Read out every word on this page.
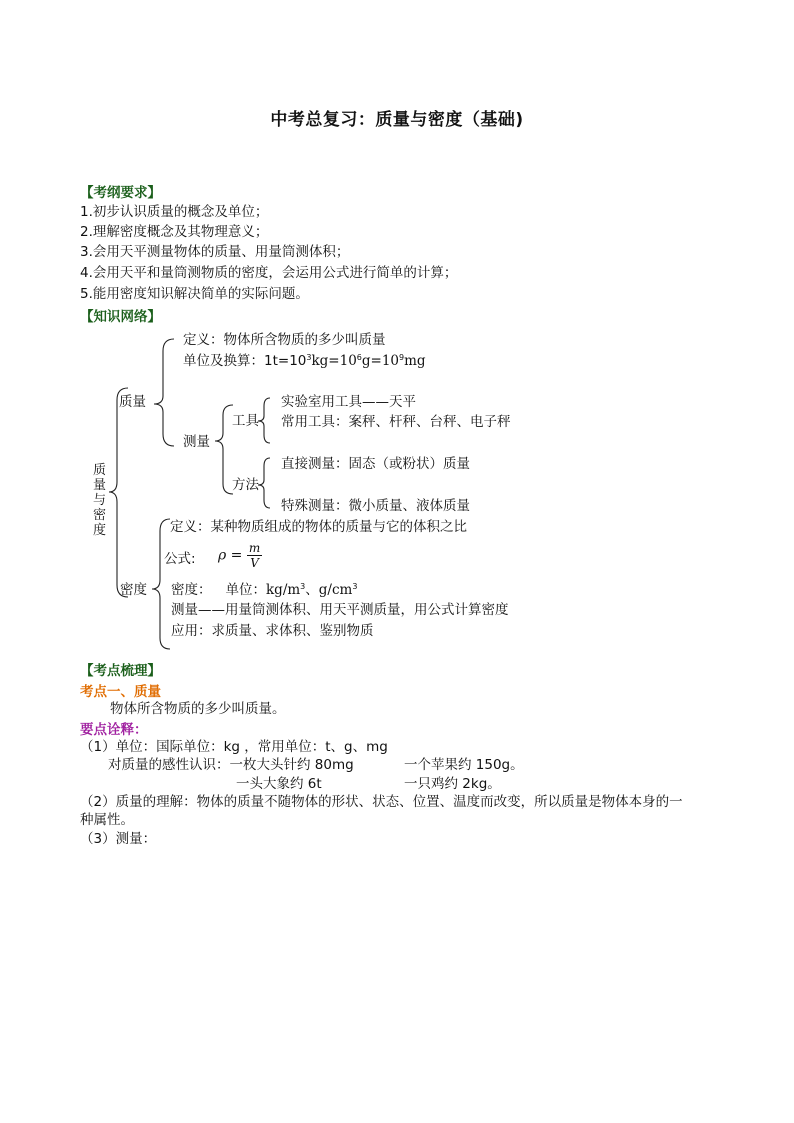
中考总复习：质量与密度（基础)
【考纲要求】
1.初步认识质量的概念及单位；
2.理解密度概念及其物理意义；
3.会用天平测量物体的质量、用量筒测体积；
4.会用天平和量筒测物质的密度，会运用公式进行简单的计算；
5.能用密度知识解决简单的实际问题。
【知识网络】
质量与密度
质量
定义：物体所含物质的多少叫质量
单位及换算：$1t=10^3kg=10^6g=10^9mg$
测量
工具
实验室用工具——天平
常用工具：案秤、杆秤、台秤、电子秤
方法
直接测量：固态（或粉状）质量
特殊测量：微小质量、液体质量
密度
定义：某种物质组成的物体的质量与它的体积之比
公式: $\rho = \frac{m}{V}$
密度： 单位：$kg/m^3$、$g/cm^3$
测量——用量筒测体积、用天平测质量，用公式计算密度
应用：求质量、求体积、鉴别物质
【考点梳理】
考点一、质量
物体所含物质的多少叫质量。
要点诠释：
（1）单位：国际单位：kg ，常用单位：t、g、mg
对质量的感性认识：一枚大头针约 80mg	一个苹果约 150g。
一头大象约 6t	一只鸡约 2kg。
（2）质量的理解：物体的质量不随物体的形状、状态、位置、温度而改变，所以质量是物体本身的一
种属性。
（3）测量：
